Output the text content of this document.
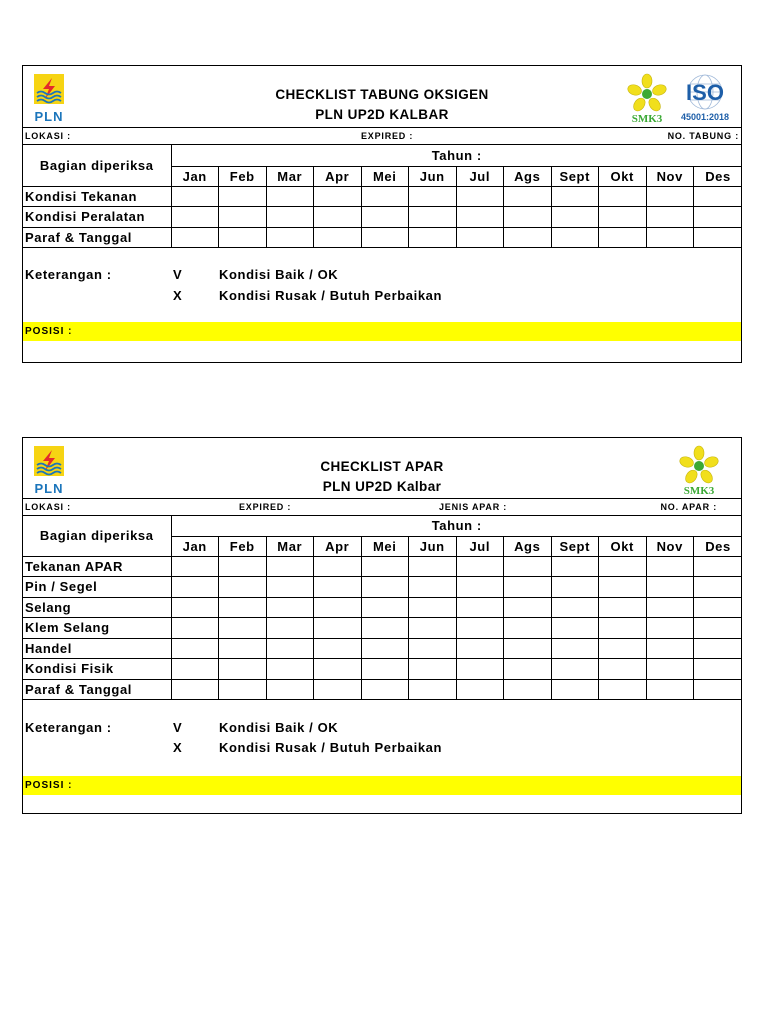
PLN
CHECKLIST TABUNG OKSIGEN
PLN UP2D KALBAR	SMK3
ISO
45001:2018
LOKASI :	EXPIRED :	NO. TABUNG :
Bagian diperiksa	Tahun :											
	Jan	Feb	Mar	Apr	Mei	Jun	Jul	Ags	Sept	Okt	Nov	Des
Kondisi Tekanan												
Kondisi Peralatan												
Paraf & Tanggal												
Keterangan :	V	Kondisi Baik / OK
X	Kondisi Rusak / Butuh Perbaikan
POSISI :
PLN
CHECKLIST APAR
PLN UP2D Kalbar	SMK3
LOKASI :	EXPIRED :	JENIS APAR :	NO. APAR :
Bagian diperiksa	Tahun :											
	Jan	Feb	Mar	Apr	Mei	Jun	Jul	Ags	Sept	Okt	Nov	Des
Tekanan APAR												
Pin / Segel												
Selang												
Klem Selang												
Handel												
Kondisi Fisik												
Paraf & Tanggal												
Keterangan :	V	Kondisi Baik / OK
X	Kondisi Rusak / Butuh Perbaikan
POSISI :
